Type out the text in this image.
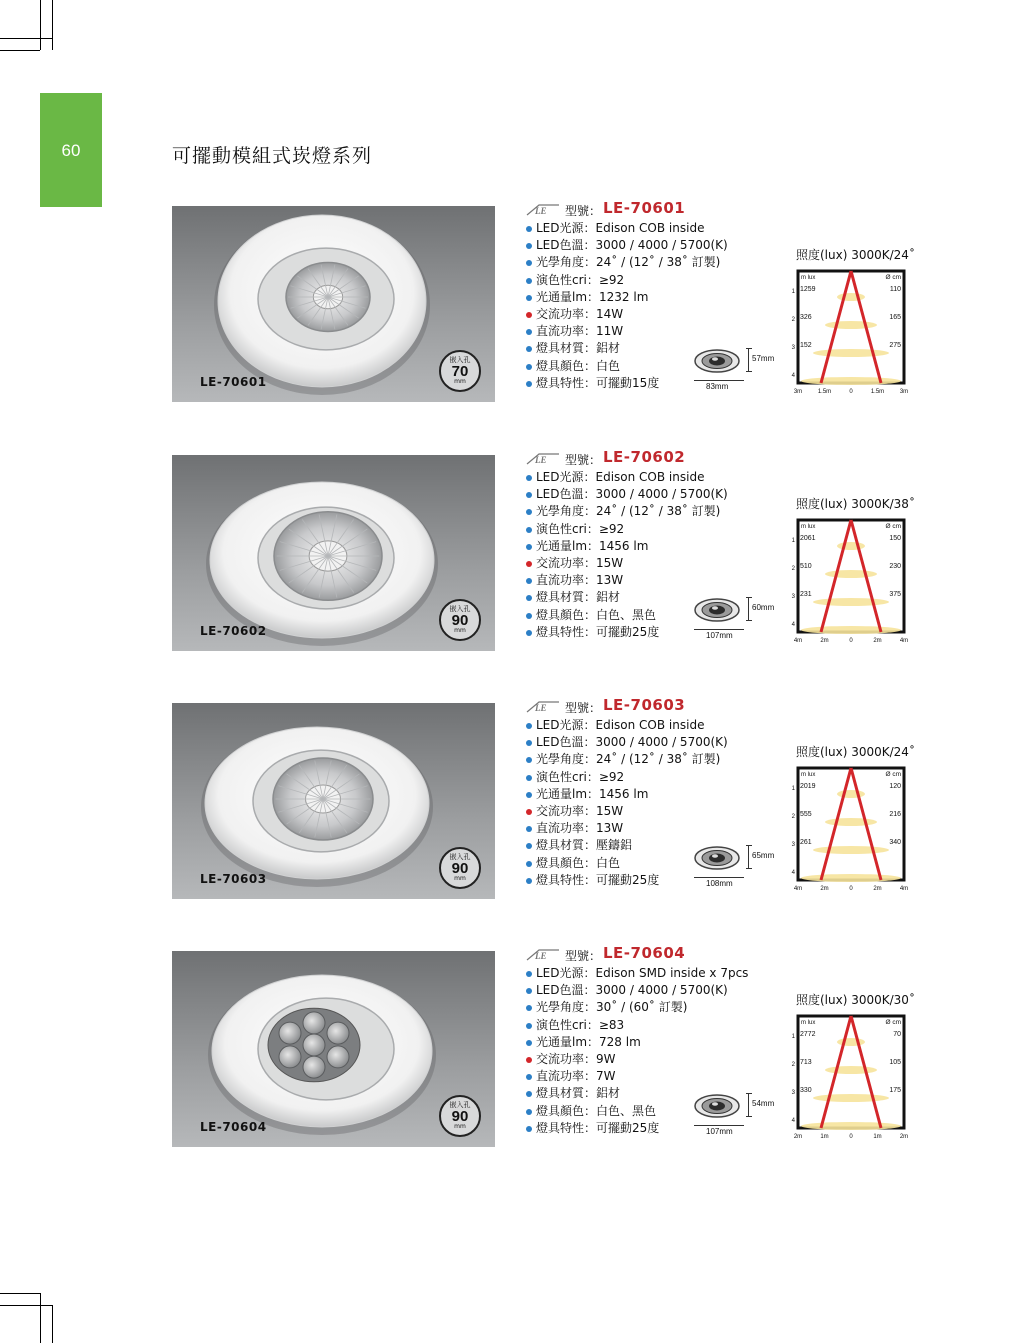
60	可擺動模組式崁燈系列
LE-70601
嵌入孔
70
mm
LE 型號： LE-70601
LED光源：Edison COB inside
LED色溫：3000 / 4000 / 5700(K)
光學角度：24˚ / (12˚ / 38˚ 訂製)
演色性cri：≥92
光通量lm：1232 lm
交流功率：14W
直流功率：11W
燈具材質：鋁材
燈具顏色：白色
燈具特性：可擺動15度
57mm
83mm
照度(lux) 3000K/24˚
m lux	Ø cm
1 1259	110
2 326	165
3 152	275
4
3m	1.5m	0	1.5m	3m
LE-70602
嵌入孔
90
mm
LE 型號： LE-70602
LED光源：Edison COB inside
LED色溫：3000 / 4000 / 5700(K)
光學角度：24˚ / (12˚ / 38˚ 訂製)
演色性cri：≥92
光通量lm：1456 lm
交流功率：15W
直流功率：13W
燈具材質：鋁材
燈具顏色：白色、黑色
燈具特性：可擺動25度
60mm
107mm
照度(lux) 3000K/38˚
m lux	Ø cm
1 2061	150
2 510	230
3 231	375
4
4m	2m	0	2m	4m
LE-70603
嵌入孔
90
mm
LE 型號： LE-70603
LED光源：Edison COB inside
LED色溫：3000 / 4000 / 5700(K)
光學角度：24˚ / (12˚ / 38˚ 訂製)
演色性cri：≥92
光通量lm：1456 lm
交流功率：15W
直流功率：13W
燈具材質：壓鑄鋁
燈具顏色：白色
燈具特性：可擺動25度
65mm
108mm
照度(lux) 3000K/24˚
m lux	Ø cm
1 2019	120
2 555	216
3 261	340
4
4m	2m	0	2m	4m
LE-70604
嵌入孔
90
mm
LE 型號： LE-70604
LED光源：Edison SMD inside x 7pcs
LED色溫：3000 / 4000 / 5700(K)
光學角度：30˚ / (60˚ 訂製)
演色性cri：≥83
光通量lm：728 lm
交流功率：9W
直流功率：7W
燈具材質：鋁材
燈具顏色：白色、黑色
燈具特性：可擺動25度
54mm
107mm
照度(lux) 3000K/30˚
m lux	Ø cm
1 2772	70
2 713	105
3 330	175
4
2m	1m	0	1m	2m
